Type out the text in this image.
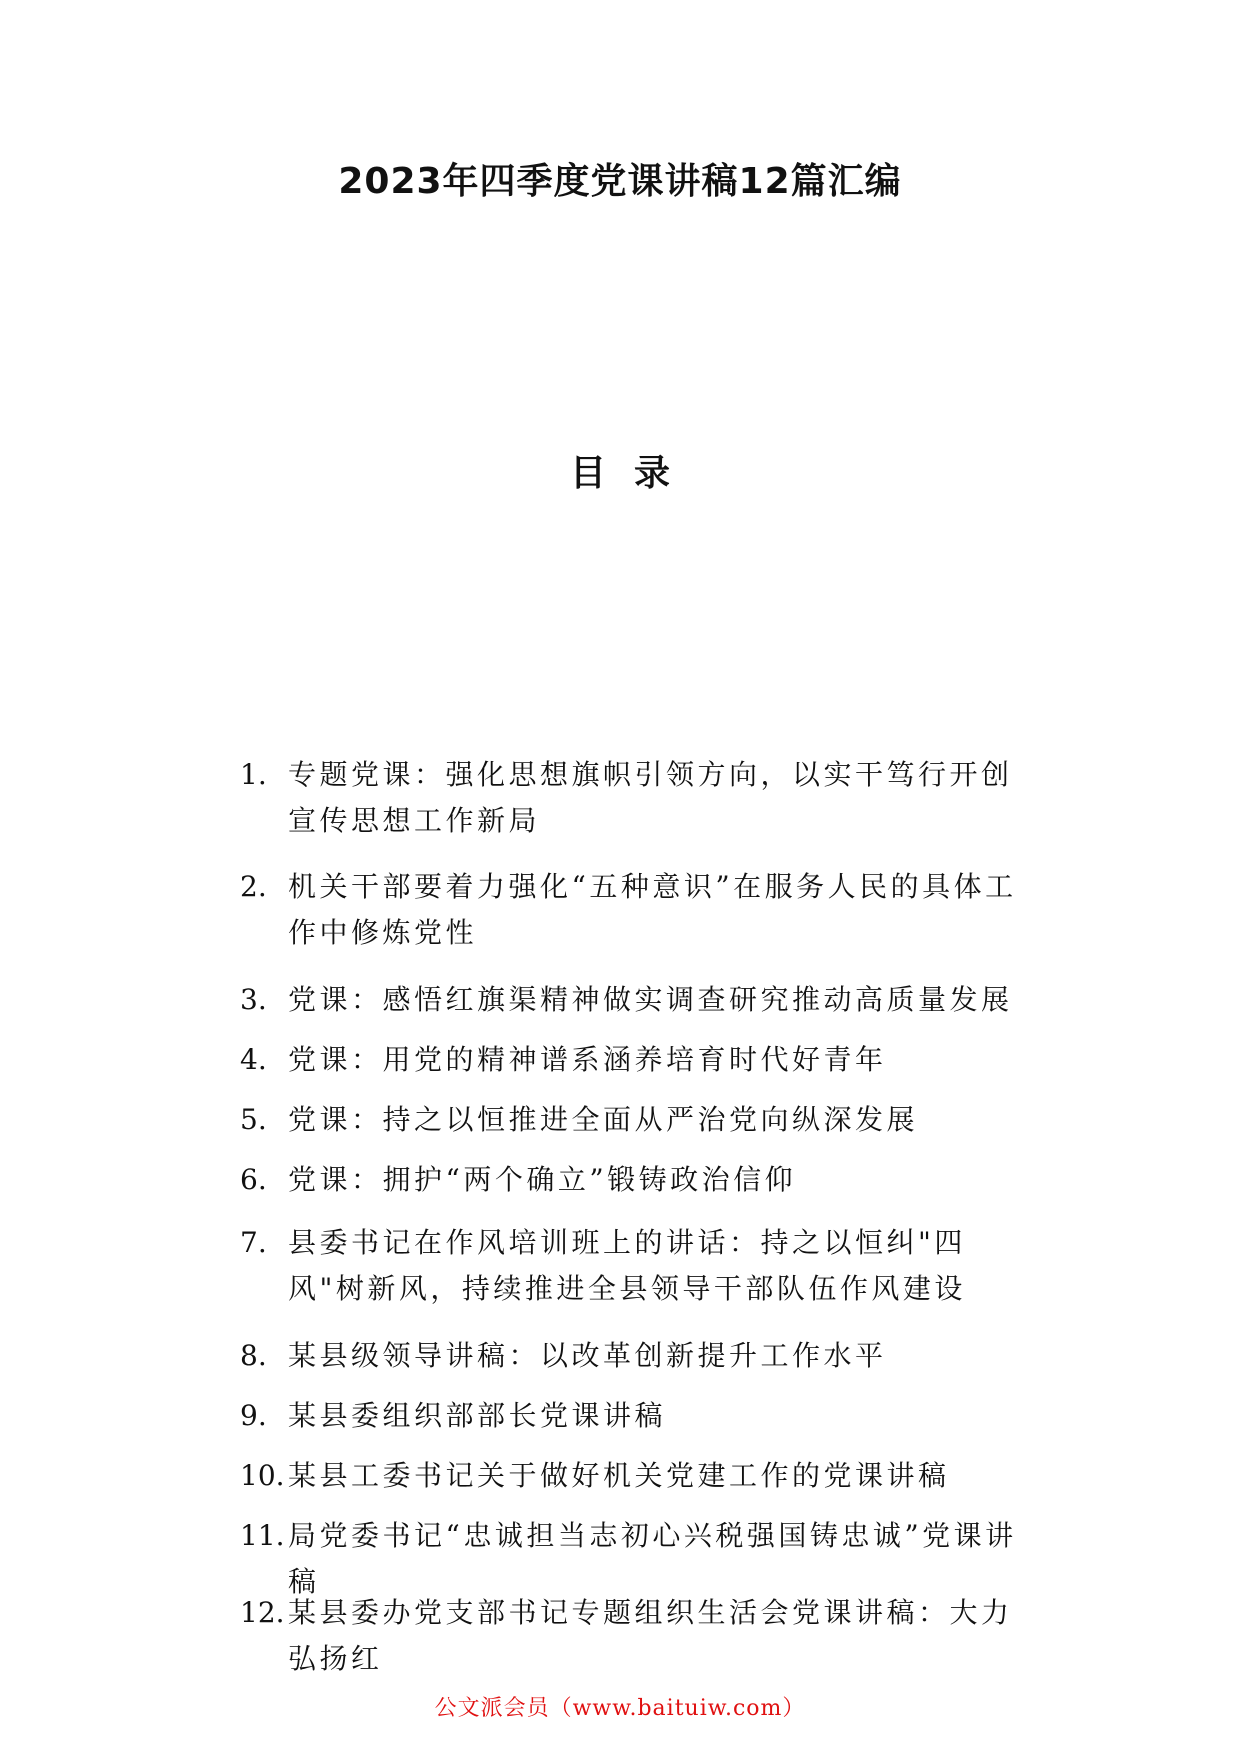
2023年四季度党课讲稿12篇汇编
目录
1. 专题党课：强化思想旗帜引领方向，以实干笃行开创宣传思想工作新局
2. 机关干部要着力强化“五种意识”在服务人民的具体工作中修炼党性
3. 党课：感悟红旗渠精神做实调查研究推动高质量发展
4. 党课：用党的精神谱系涵养培育时代好青年
5. 党课：持之以恒推进全面从严治党向纵深发展
6. 党课：拥护“两个确立”锻铸政治信仰
7. 县委书记在作风培训班上的讲话：持之以恒纠"四风"树新风，持续推进全县领导干部队伍作风建设
8. 某县级领导讲稿：以改革创新提升工作水平
9. 某县委组织部部长党课讲稿
10. 某县工委书记关于做好机关党建工作的党课讲稿
11. 局党委书记“忠诚担当志初心兴税强国铸忠诚”党课讲稿
12. 某县委办党支部书记专题组织生活会党课讲稿：大力弘扬红
公文派会员（www.baituiw.com）
